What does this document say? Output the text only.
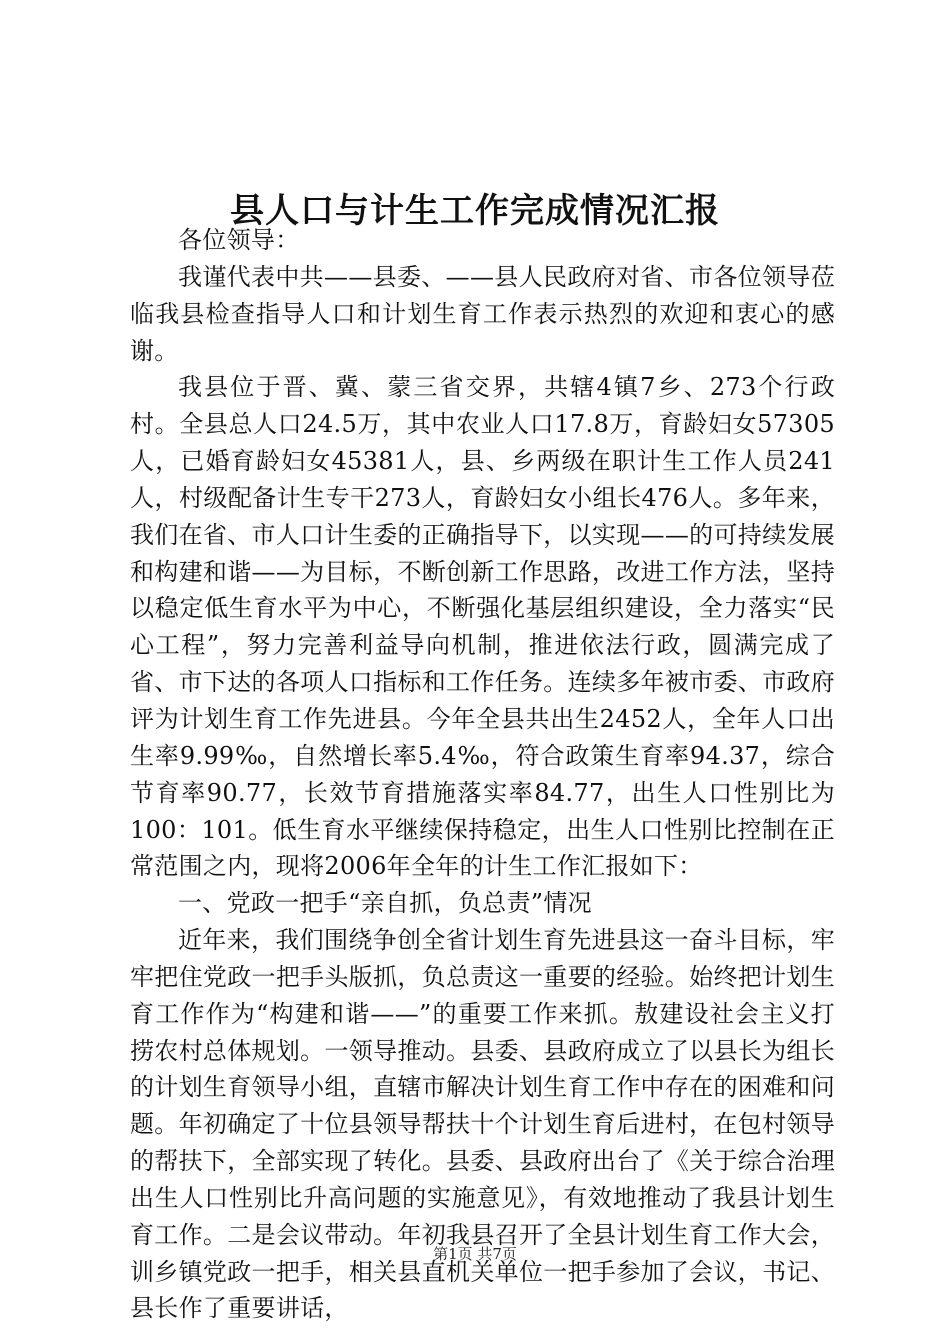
县人口与计生工作完成情况汇报

各位领导：

我谨代表中共——县委、——县人民政府对省、市各位领导莅临我县检查指导人口和计划生育工作表示热烈的欢迎和衷心的感谢。

我县位于晋、冀、蒙三省交界，共辖4镇7乡、273个行政村。全县总人口24.5万，其中农业人口17.8万，育龄妇女57305人，已婚育龄妇女45381人，县、乡两级在职计生工作人员241人，村级配备计生专干273人，育龄妇女小组长476人。多年来，我们在省、市人口计生委的正确指导下，以实现——的可持续发展和构建和谐——为目标，不断创新工作思路，改进工作方法，坚持以稳定低生育水平为中心，不断强化基层组织建设，全力落实“民心工程”，努力完善利益导向机制，推进依法行政，圆满完成了省、市下达的各项人口指标和工作任务。连续多年被市委、市政府评为计划生育工作先进县。今年全县共出生2452人，全年人口出生率9.99‰，自然增长率5.4‰，符合政策生育率94.37，综合节育率90.77，长效节育措施落实率84.77，出生人口性别比为100：101。低生育水平继续保持稳定，出生人口性别比控制在正常范围之内，现将2006年全年的计生工作汇报如下：

一、党政一把手“亲自抓，负总责”情况

近年来，我们围绕争创全省计划生育先进县这一奋斗目标，牢牢把住党政一把手头版抓，负总责这一重要的经验。始终把计划生育工作作为“构建和谐——”的重要工作来抓。敖建设社会主义打捞农村总体规划。一领导推动。县委、县政府成立了以县长为组长的计划生育领导小组，直辖市解决计划生育工作中存在的困难和问题。年初确定了十位县领导帮扶十个计划生育后进村，在包村领导的帮扶下，全部实现了转化。县委、县政府出台了《关于综合治理出生人口性别比升高问题的实施意见》，有效地推动了我县计划生育工作。二是会议带动。年初我县召开了全县计划生育工作大会，训乡镇党政一把手，相关县直机关单位一把手参加了会议，书记、县长作了重要讲话，

第1页 共7页
